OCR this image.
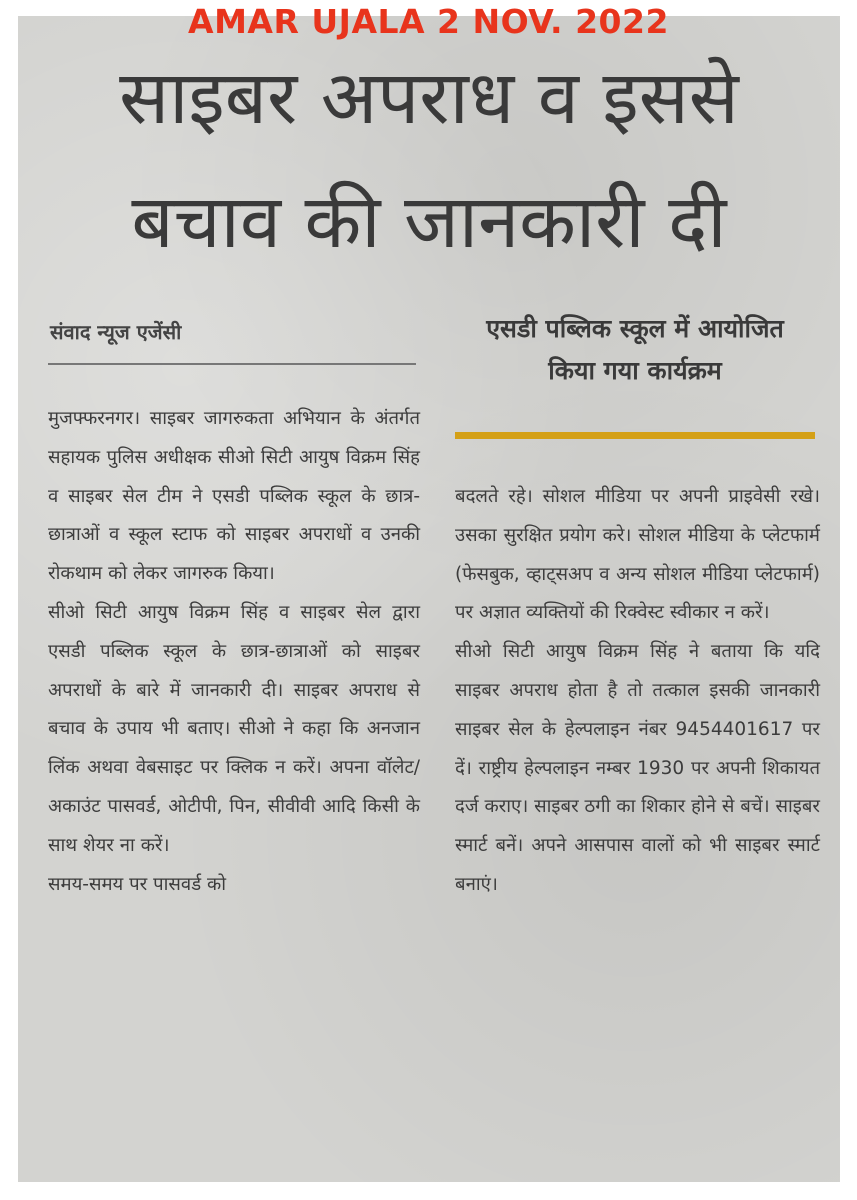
AMAR UJALA 2 NOV. 2022
साइबर अपराध व इससे
बचाव की जानकारी दी

संवाद न्यूज एजेंसी	एसडी पब्लिक स्कूल में आयोजित किया गया कार्यक्रम

मुजफ्फरनगर। साइबर जागरुकता अभियान के अंतर्गत सहायक पुलिस अधीक्षक सीओ सिटी आयुष विक्रम सिंह व साइबर सेल टीम ने एसडी पब्लिक स्कूल के छात्र-छात्राओं व स्कूल स्टाफ को साइबर अपराधों व उनकी रोकथाम को लेकर जागरुक किया।
सीओ सिटी आयुष विक्रम सिंह व साइबर सेल द्वारा एसडी पब्लिक स्कूल के छात्र-छात्राओं को साइबर अपराधों के बारे में जानकारी दी। साइबर अपराध से बचाव के उपाय भी बताए। सीओ ने कहा कि अनजान लिंक अथवा वेबसाइट पर क्लिक न करें। अपना वॉलेट/अकाउंट पासवर्ड, ओटीपी, पिन, सीवीवी आदि किसी के साथ शेयर ना करें।
समय-समय पर पासवर्ड को

बदलते रहे। सोशल मीडिया पर अपनी प्राइवेसी रखे। उसका सुरक्षित प्रयोग करे। सोशल मीडिया के प्लेटफार्म (फेसबुक, व्हाट्सअप व अन्य सोशल मीडिया प्लेटफार्म) पर अज्ञात व्यक्तियों की रिक्वेस्ट स्वीकार न करें।
सीओ सिटी आयुष विक्रम सिंह ने बताया कि यदि साइबर अपराध होता है तो तत्काल इसकी जानकारी साइबर सेल के हेल्पलाइन नंबर 9454401617 पर दें। राष्ट्रीय हेल्पलाइन नम्बर 1930 पर अपनी शिकायत दर्ज कराए। साइबर ठगी का शिकार होने से बचें। साइबर स्मार्ट बनें। अपने आसपास वालों को भी साइबर स्मार्ट बनाएं।
